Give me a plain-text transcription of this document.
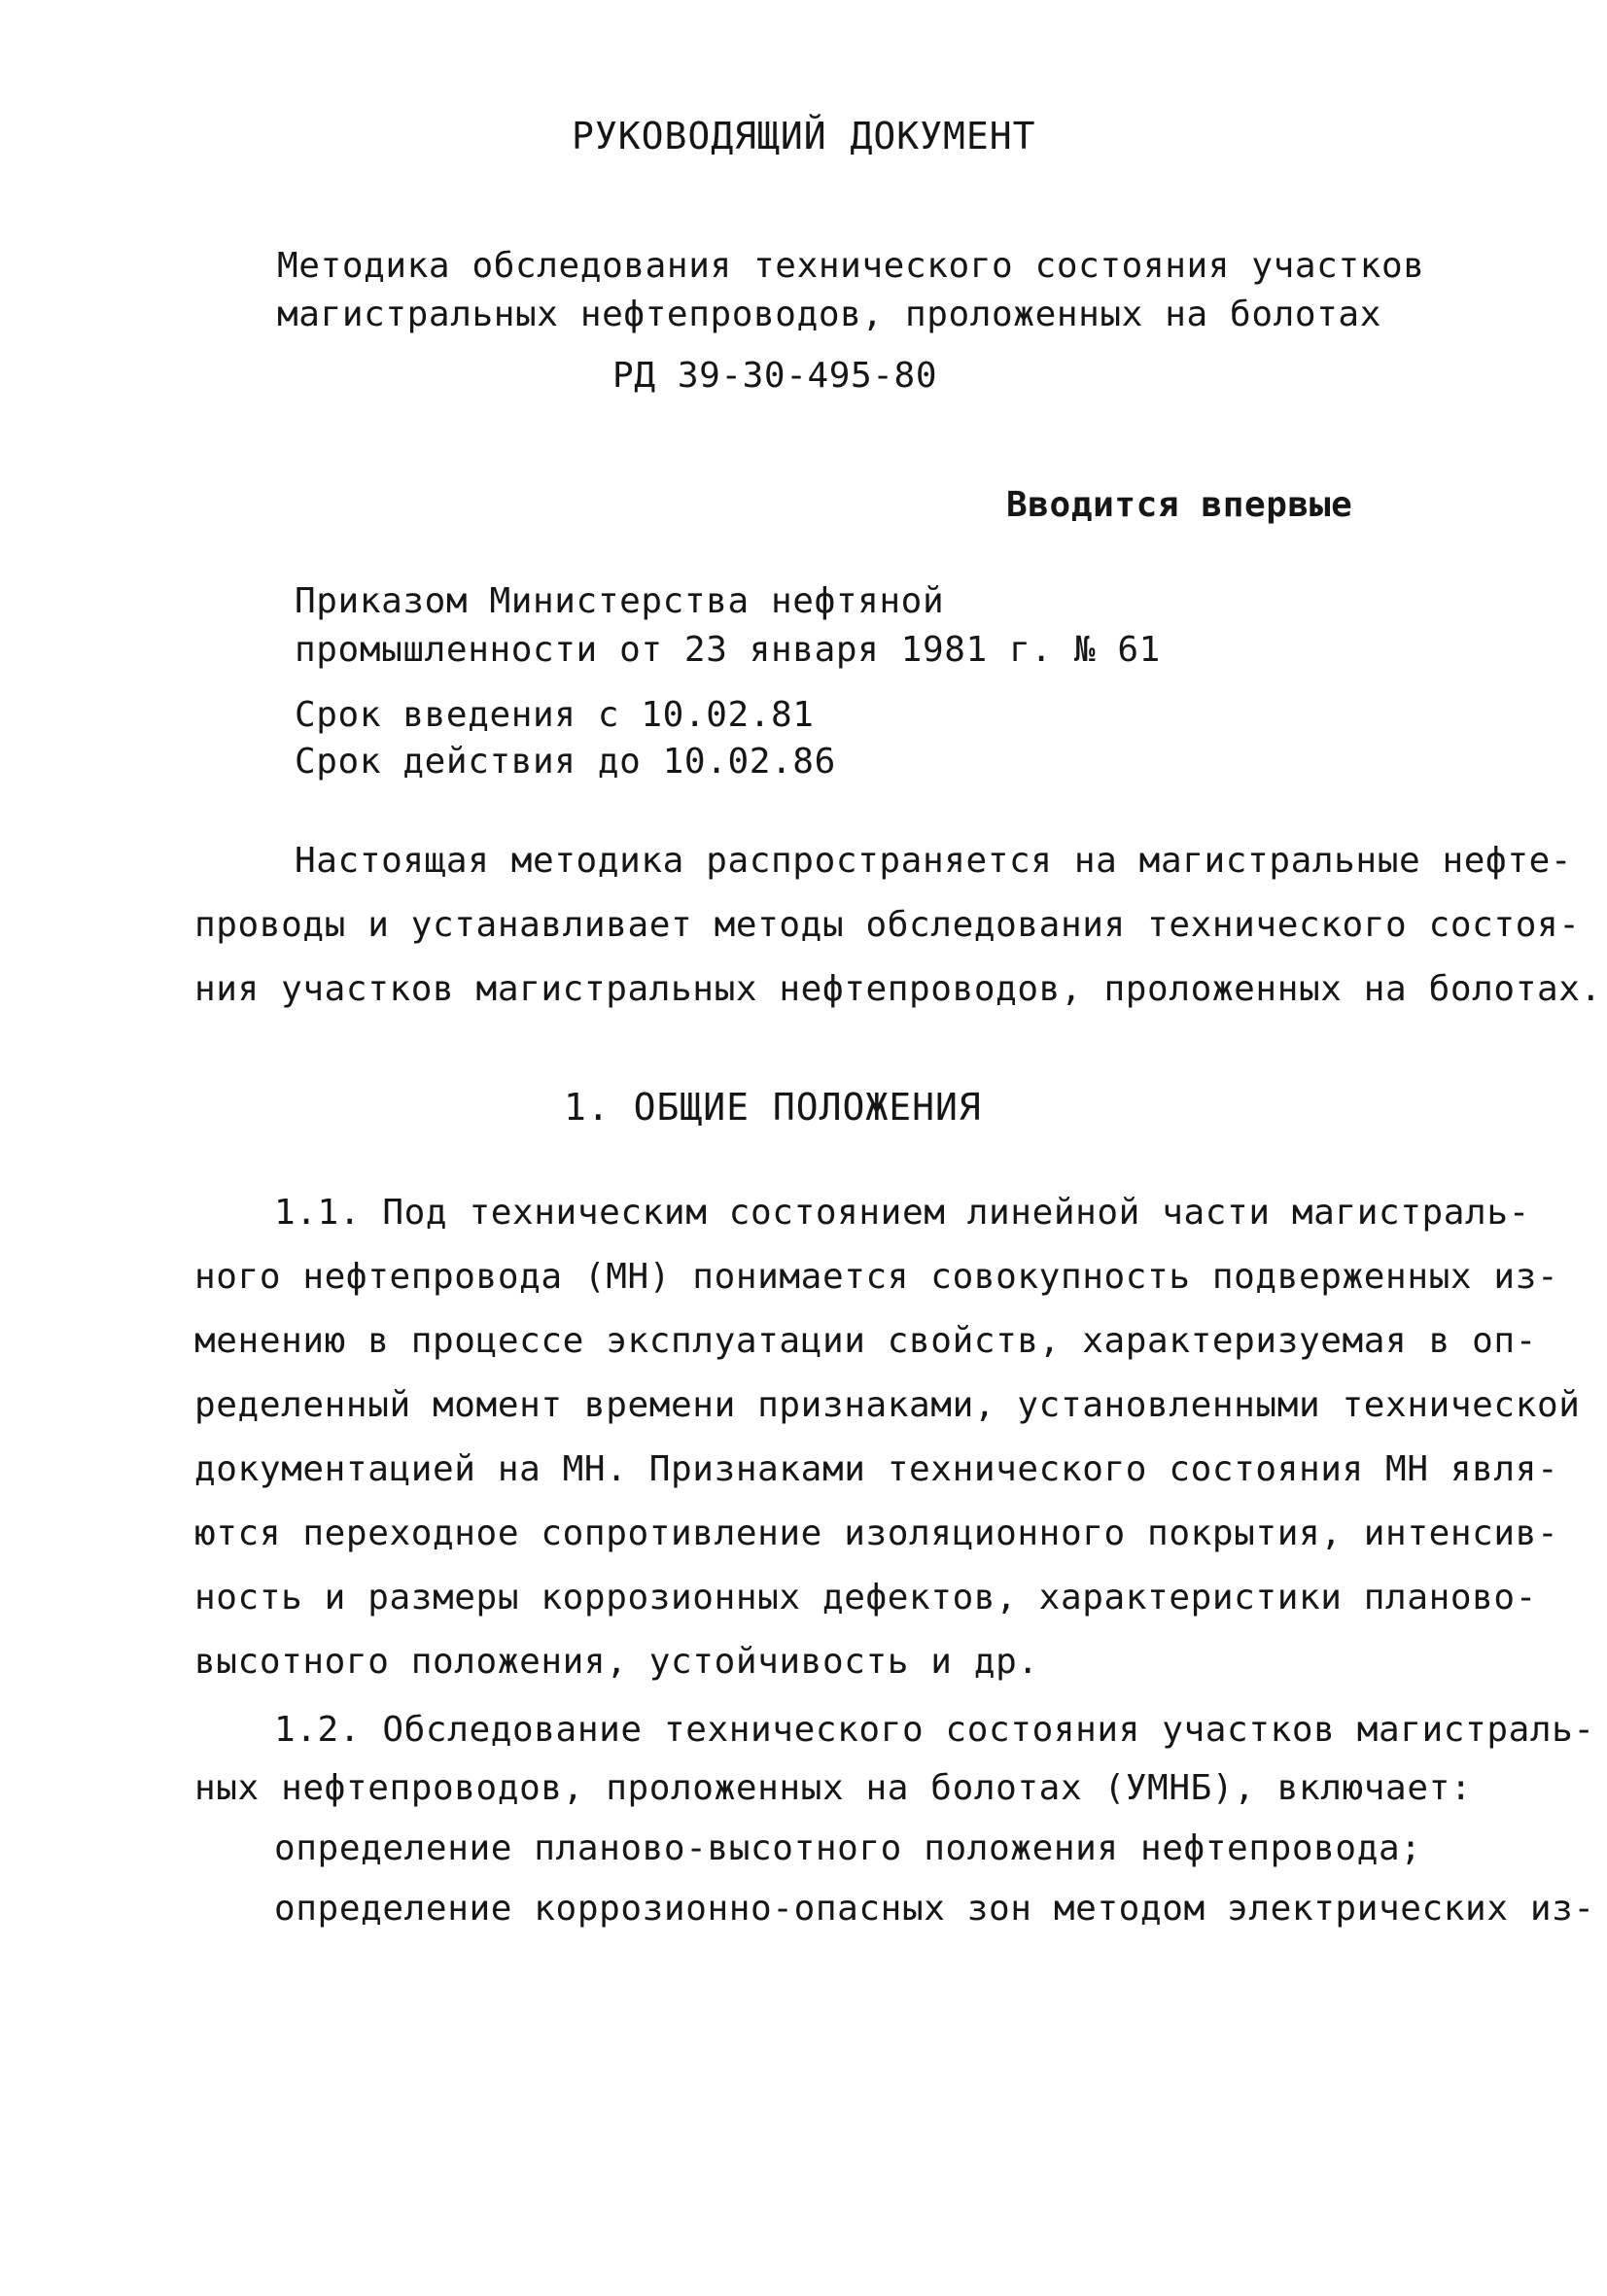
РУКОВОДЯЩИЙ ДОКУМЕНТ
Методика обследования технического состояния участков
магистральных нефтепроводов, проложенных на болотах
РД 39-30-495-80
Вводится впервые
Приказом Министерства нефтяной
промышленности от 23 января 1981 г. № 61
Срок введения с 10.02.81
Срок действия до 10.02.86
Настоящая методика распространяется на магистральные нефте-
проводы и устанавливает методы обследования технического состоя-
ния участков магистральных нефтепроводов, проложенных на болотах.
1. ОБЩИЕ ПОЛОЖЕНИЯ
1.1. Под техническим состоянием линейной части магистраль-
ного нефтепровода (МН) понимается совокупность подверженных из-
менению в процессе эксплуатации свойств, характеризуемая в оп-
ределенный момент времени признаками, установленными технической
документацией на МН. Признаками технического состояния МН явля-
ются переходное сопротивление изоляционного покрытия, интенсив-
ность и размеры коррозионных дефектов, характеристики планово-
высотного положения, устойчивость и др.
1.2. Обследование технического состояния участков магистраль-
ных нефтепроводов, проложенных на болотах (УМНБ), включает:
определение планово-высотного положения нефтепровода;
определение коррозионно-опасных зон методом электрических из-
